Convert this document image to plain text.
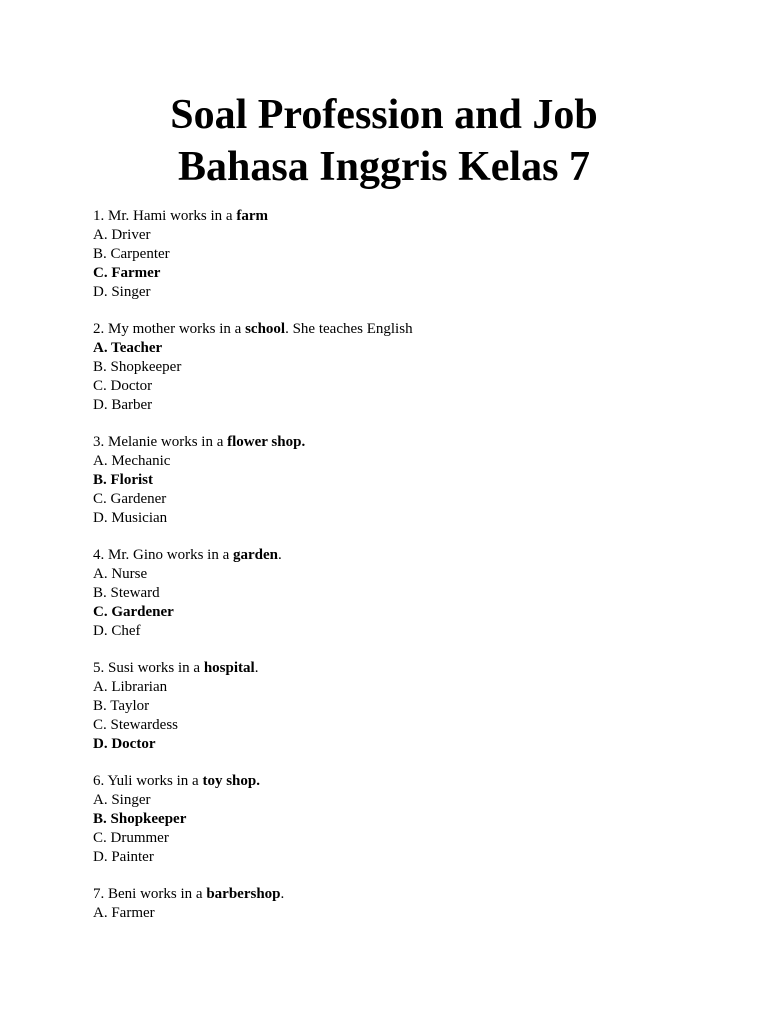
Soal Profession and Job
Bahasa Inggris Kelas 7
1. Mr. Hami works in a farm
A. Driver
B. Carpenter
C. Farmer
D. Singer
2. My mother works in a school. She teaches English
A. Teacher
B. Shopkeeper
C. Doctor
D. Barber
3. Melanie works in a flower shop.
A. Mechanic
B. Florist
C. Gardener
D. Musician
4. Mr. Gino works in a garden.
A. Nurse
B. Steward
C. Gardener
D. Chef
5. Susi works in a hospital.
A. Librarian
B. Taylor
C. Stewardess
D. Doctor
6. Yuli works in a toy shop.
A. Singer
B. Shopkeeper
C. Drummer
D. Painter
7. Beni works in a barbershop.
A. Farmer
